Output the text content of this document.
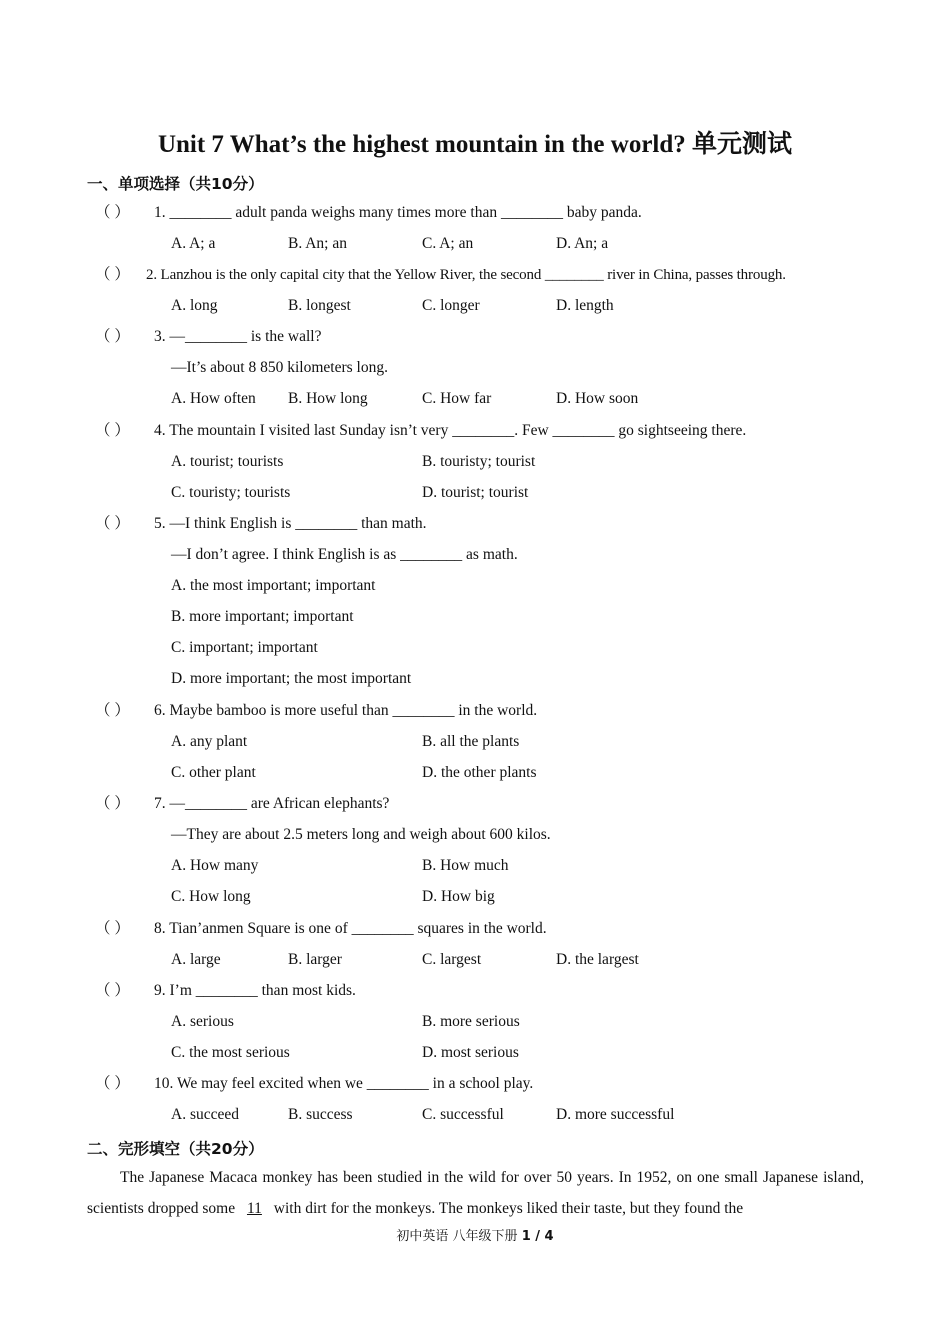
Unit 7 What’s the highest mountain in the world? 单元测试
一、单项选择（共10分）
（ ） 1. ________ adult panda weighs many times more than ________ baby panda.
A. A; a	B. An; an	C. A; an	D. An; a
（ ） 2. Lanzhou is the only capital city that the Yellow River, the second ________ river in China, passes through.
A. long	B. longest	C. longer	D. length
（ ） 3. —________ is the wall?
—It’s about 8 850 kilometers long.
A. How often B. How long	C. How far	D. How soon
（ ） 4. The mountain I visited last Sunday isn’t very ________. Few ________ go sightseeing there.
A. tourist; tourists	B. touristy; tourist
C. touristy; tourists	D. tourist; tourist
（ ） 5. —I think English is ________ than math.
—I don’t agree. I think English is as ________ as math.
A. the most important; important
B. more important; important
C. important; important
D. more important; the most important
（ ） 6. Maybe bamboo is more useful than ________ in the world.
A. any plant	B. all the plants
C. other plant	D. the other plants
（ ） 7. —________ are African elephants?
—They are about 2.5 meters long and weigh about 600 kilos.
A. How many	B. How much
C. How long	D. How big
（ ） 8. Tian’anmen Square is one of ________ squares in the world.
A. large	B. larger	C. largest	D. the largest
（ ） 9. I’m ________ than most kids.
A. serious	B. more serious
C. the most serious	D. most serious
（ ） 10. We may feel excited when we ________ in a school play.
A. succeed	B. success	C. successful	D. more successful
二、完形填空（共20分）
The Japanese Macaca monkey has been studied in the wild for over 50 years. In 1952, on one small Japanese island, scientists dropped some 11 with dirt for the monkeys. The monkeys liked their taste, but they found the
初中英语 八年级下册 1 / 4
